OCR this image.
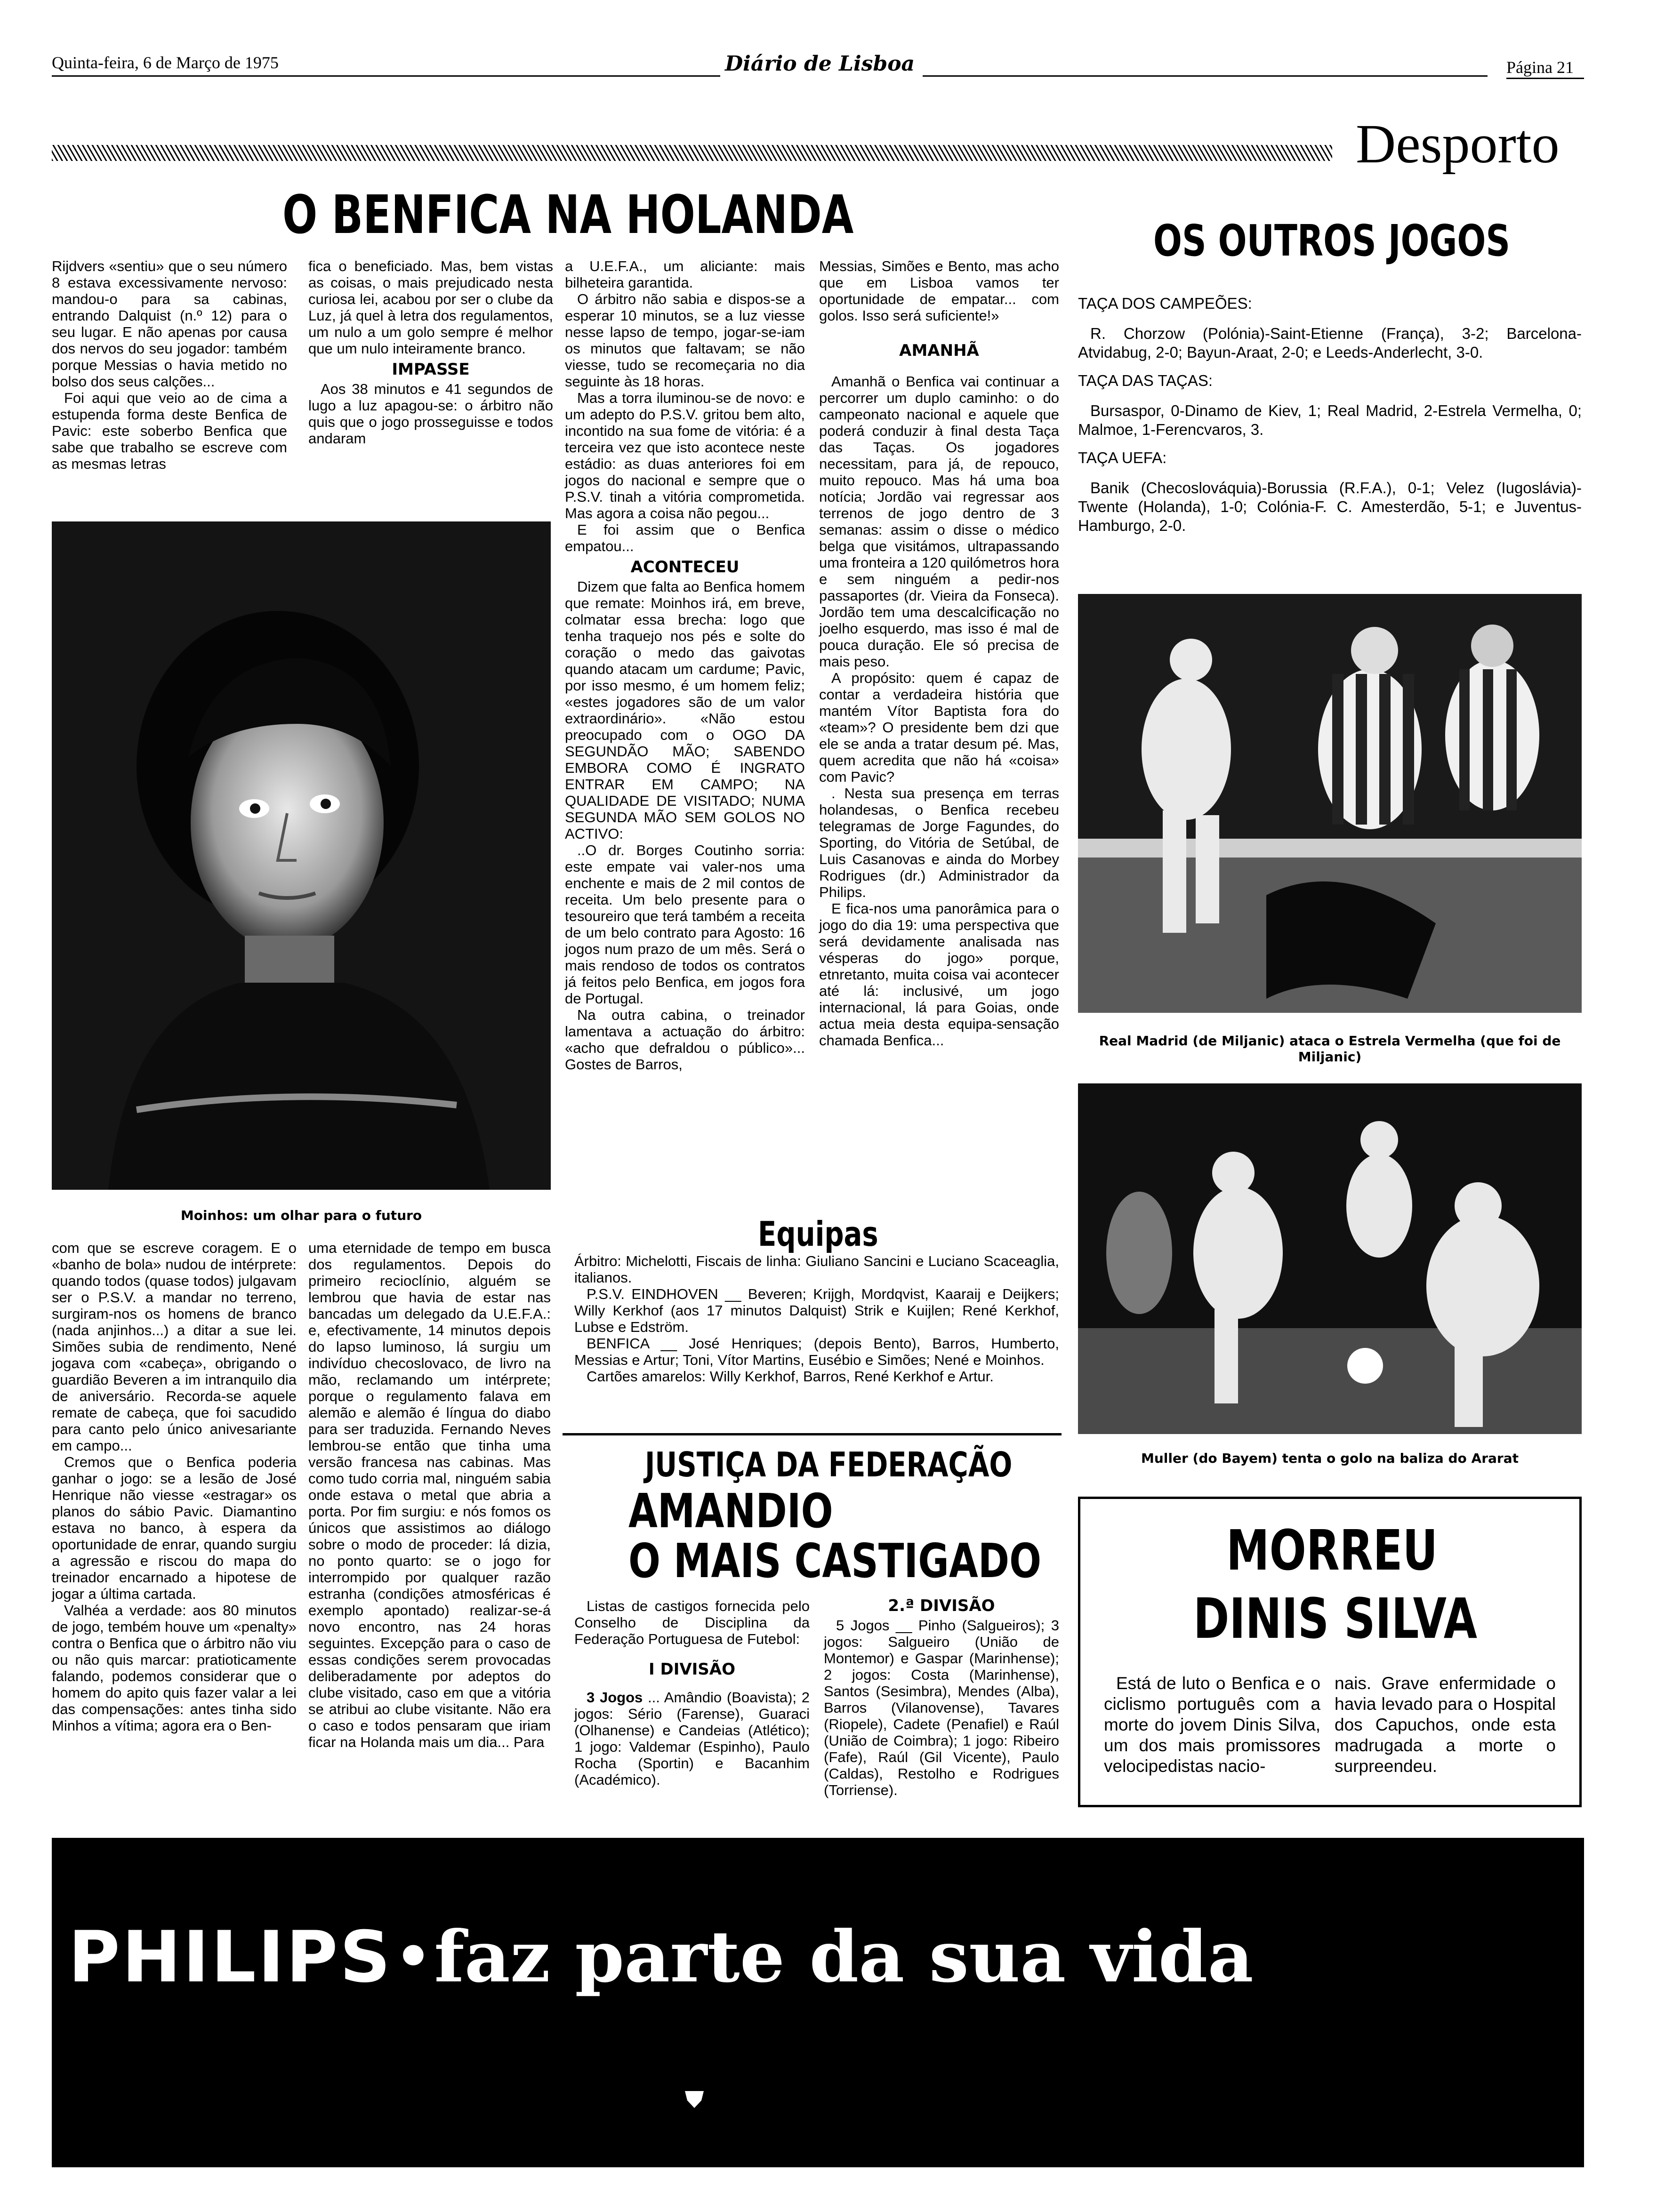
Quinta-feira, 6 de Março de 1975	Diário de Lisboa	Página 21
Desporto
O BENFICA NA HOLANDA

Rijdvers «sentiu» que o seu número 8 estava excessivamente nervoso: mandou-o para sa cabinas, entrando Dalquist (n.º 12) para o seu lugar. E não apenas por causa dos nervos do seu jogador: também porque Messias o havia metido no bolso dos seus calções...

Foi aqui que veio ao de cima a estupenda forma deste Benfica de Pavic: este soberbo Benfica que sabe que trabalho se escreve com as mesmas letras

fica o beneficiado. Mas, bem vistas as coisas, o mais prejudicado nesta curiosa lei, acabou por ser o clube da Luz, já quel à letra dos regulamentos, um nulo a um golo sempre é melhor que um nulo inteiramente branco.

IMPASSE

Aos 38 minutos e 41 segundos de lugo a luz apagou-se: o árbitro não quis que o jogo prosseguisse e todos andaram

a U.E.F.A., um aliciante: mais bilheteira garantida.

O árbitro não sabia e dispos-se a esperar 10 minutos, se a luz viesse nesse lapso de tempo, jogar-se-iam os minutos que faltavam; se não viesse, tudo se recomeçaria no dia seguinte às 18 horas.

Mas a torra iluminou-se de novo: e um adepto do P.S.V. gritou bem alto, incontido na sua fome de vitória: é a terceira vez que isto acontece neste estádio: as duas anteriores foi em jogos do nacional e sempre que o P.S.V. tinah a vitória comprometida. Mas agora a coisa não pegou...

E foi assim que o Benfica empatou...

ACONTECEU

Dizem que falta ao Benfica homem que remate: Moinhos irá, em breve, colmatar essa brecha: logo que tenha traquejo nos pés e solte do coração o medo das gaivotas quando atacam um cardume; Pavic, por isso mesmo, é um homem feliz; «estes jogadores são de um valor extraordinário». «Não estou preocupado com o OGO DA SEGUNDÃO MÃO; SABENDO EMBORA COMO É INGRATO ENTRAR EM CAMPO; NA QUALIDADE DE VISITADO; NUMA SEGUNDA MÃO SEM GOLOS NO ACTIVO:

..O dr. Borges Coutinho sorria: este empate vai valer-nos uma enchente e mais de 2 mil contos de receita. Um belo presente para o tesoureiro que terá também a receita de um belo contrato para Agosto: 16 jogos num prazo de um mês. Será o mais rendoso de todos os contratos já feitos pelo Benfica, em jogos fora de Portugal.

Na outra cabina, o treinador lamentava a actuação do árbitro: «acho que defraldou o público»... Gostes de Barros,

Messias, Simões e Bento, mas acho que em Lisboa vamos ter oportunidade de empatar... com golos. Isso será suficiente!»

AMANHÃ

Amanhã o Benfica vai continuar a percorrer um duplo caminho: o do campeonato nacional e aquele que poderá conduzir à final desta Taça das Taças. Os jogadores necessitam, para já, de repouco, muito repouco. Mas há uma boa notícia; Jordão vai regressar aos terrenos de jogo dentro de 3 semanas: assim o disse o médico belga que visitámos, ultrapassando uma fronteira a 120 quilómetros hora e sem ninguém a pedir-nos passaportes (dr. Vieira da Fonseca). Jordão tem uma descalcificação no joelho esquerdo, mas isso é mal de pouca duração. Ele só precisa de mais peso.

A propósito: quem é capaz de contar a verdadeira história que mantém Vítor Baptista fora do «team»? O presidente bem dzi que ele se anda a tratar desum pé. Mas, quem acredita que não há «coisa» com Pavic?

. Nesta sua presença em terras holandesas, o Benfica recebeu telegramas de Jorge Fagundes, do Sporting, do Vitória de Setúbal, de Luis Casanovas e ainda do Morbey Rodrigues (dr.) Administrador da Philips.

E fica-nos uma panorâmica para o jogo do dia 19: uma perspectiva que será devidamente analisada nas vésperas do jogo» porque, etnretanto, muita coisa vai acontecer até lá: inclusivé, um jogo internacional, lá para Goias, onde actua meia desta equipa-sensação chamada Benfica...

Moinhos: um olhar para o futuro

com que se escreve coragem. E o «banho de bola» nudou de intérprete: quando todos (quase todos) julgavam ser o P.S.V. a mandar no terreno, surgiram-nos os homens de branco (nada anjinhos...) a ditar a sue lei. Simões subia de rendimento, Nené jogava com «cabeça», obrigando o guardião Beveren a im intranquilo dia de aniversário. Recorda-se aquele remate de cabeça, que foi sacudido para canto pelo único anivesariante em campo...

Cremos que o Benfica poderia ganhar o jogo: se a lesão de José Henrique não viesse «estragar» os planos do sábio Pavic. Diamantino estava no banco, à espera da oportunidade de enrar, quando surgiu a agressão e riscou do mapa do treinador encarnado a hipotese de jogar a última cartada.

Valhéa a verdade: aos 80 minutos de jogo, tembém houve um «penalty» contra o Benfica que o árbitro não viu ou não quis marcar: pratioticamente falando, podemos considerar que o homem do apito quis fazer valar a lei das compensações: antes tinha sido Minhos a vítima; agora era o Ben-

uma eternidade de tempo em busca dos regulamentos. Depois do primeiro recioclínio, alguém se lembrou que havia de estar nas bancadas um delegado da U.E.F.A.: e, efectivamente, 14 minutos depois do lapso luminoso, lá surgiu um indivíduo checoslovaco, de livro na mão, reclamando um intérprete; porque o regulamento falava em alemão e alemão é língua do diabo para ser traduzida. Fernando Neves lembrou-se então que tinha uma versão francesa nas cabinas. Mas como tudo corria mal, ninguém sabia onde estava o metal que abria a porta. Por fim surgiu: e nós fomos os únicos que assistimos ao diálogo sobre o modo de proceder: lá dizia, no ponto quarto: se o jogo for interrompido por qualquer razão estranha (condições atmosféricas é exemplo apontado) realizar-se-á novo encontro, nas 24 horas seguintes. Excepção para o caso de essas condições serem provocadas deliberadamente por adeptos do clube visitado, caso em que a vitória se atribui ao clube visitante. Não era o caso e todos pensaram que iriam ficar na Holanda mais um dia... Para

Equipas

Árbitro: Michelotti, Fiscais de linha: Giuliano Sancini e Luciano Scaceaglia, italianos.

P.S.V. EINDHOVEN __ Beveren; Krijgh, Mordqvist, Kaaraij e Deijkers; Willy Kerkhof (aos 17 minutos Dalquist) Strik e Kuijlen; René Kerkhof, Lubse e Edström.

BENFICA __ José Henriques; (depois Bento), Barros, Humberto, Messias e Artur; Toni, Vítor Martins, Eusébio e Simões; Nené e Moinhos.

Cartões amarelos: Willy Kerkhof, Barros, René Kerkhof e Artur.

JUSTIÇA DA FEDERAÇÃO
AMANDIO
O MAIS CASTIGADO

Listas de castigos fornecida pelo Conselho de Disciplina da Federação Portuguesa de Futebol:

I DIVISÃO

3 Jogos ... Amândio (Boavista); 2 jogos: Sério (Farense), Guaraci (Olhanense) e Candeias (Atlético); 1 jogo: Valdemar (Espinho), Paulo Rocha (Sportin) e Bacanhim (Académico).

2.ª DIVISÃO

5 Jogos __ Pinho (Salgueiros); 3 jogos: Salgueiro (União de Montemor) e Gaspar (Marinhense); 2 jogos: Costa (Marinhense), Santos (Sesimbra), Mendes (Alba), Barros (Vilanovense), Tavares (Riopele), Cadete (Penafiel) e Raúl (União de Coimbra); 1 jogo: Ribeiro (Fafe), Raúl (Gil Vicente), Paulo (Caldas), Restolho e Rodrigues (Torriense).

OS OUTROS JOGOS
TAÇA DOS CAMPEÕES:

R. Chorzow (Polónia)-Saint-Etienne (França), 3-2; Barcelona-Atvidabug, 2-0; Bayun-Araat, 2-0; e Leeds-Anderlecht, 3-0.

TAÇA DAS TAÇAS:

Bursaspor, 0-Dinamo de Kiev, 1; Real Madrid, 2-Estrela Vermelha, 0; Malmoe, 1-Ferencvaros, 3.

TAÇA UEFA:

Banik (Checoslováquia)-Borussia (R.F.A.), 0-1; Velez (Iugoslávia)-Twente (Holanda), 1-0; Colónia-F. C. Amesterdão, 5-1; e Juventus-Hamburgo, 2-0.

Real Madrid (de Miljanic) ataca o Estrela Vermelha (que foi de Miljanic)
Muller (do Bayem) tenta o golo na baliza do Ararat
MORREU
DINIS SILVA

Está de luto o Benfica e o ciclismo português com a morte do jovem Dinis Silva, um dos mais promissores velocipedistas nacio-

nais. Grave enfermidade o havia levado para o Hospital dos Capuchos, onde esta madrugada a morte o surpreendeu.

PHILIPS•faz parte da sua vida
